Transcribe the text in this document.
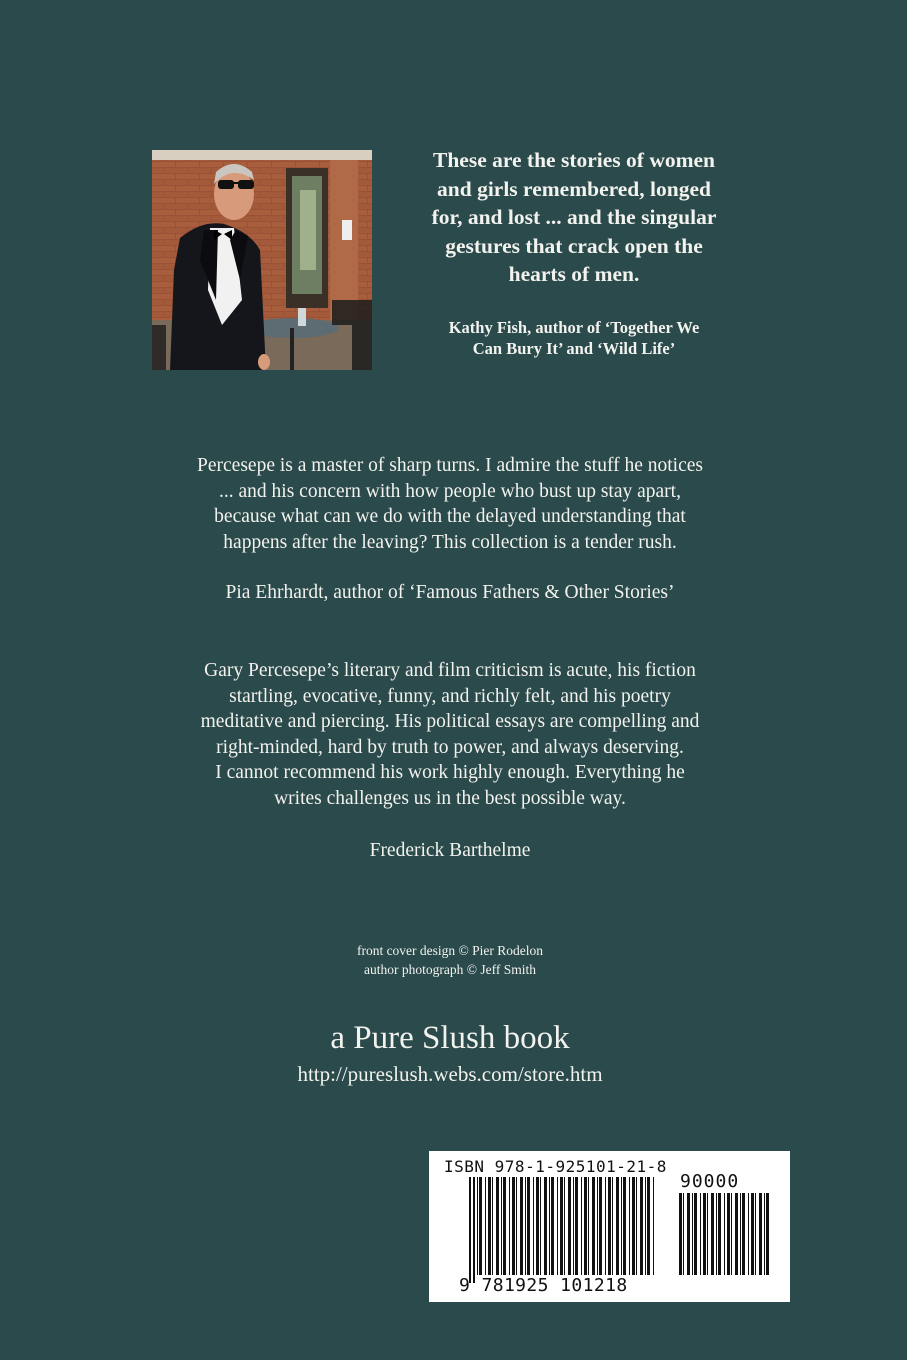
These are the stories of women
and girls remembered, longed
for, and lost ... and the singular
gestures that crack open the
hearts of men.
Kathy Fish, author of ‘Together We
Can Bury It’ and ‘Wild Life’
Percesepe is a master of sharp turns. I admire the stuff he notices
... and his concern with how people who bust up stay apart,
because what can we do with the delayed understanding that
happens after the leaving? This collection is a tender rush.
Pia Ehrhardt, author of ‘Famous Fathers & Other Stories’
Gary Percesepe’s literary and film criticism is acute, his fiction
startling, evocative, funny, and richly felt, and his poetry
meditative and piercing. His political essays are compelling and
right-minded, hard by truth to power, and always deserving.
I cannot recommend his work highly enough. Everything he
writes challenges us in the best possible way.
Frederick Barthelme
front cover design © Pier Rodelon
author photograph © Jeff Smith
a Pure Slush book
http://pureslush.webs.com/store.htm
ISBN 978-1-925101-21-8
90000
9 781925 101218
